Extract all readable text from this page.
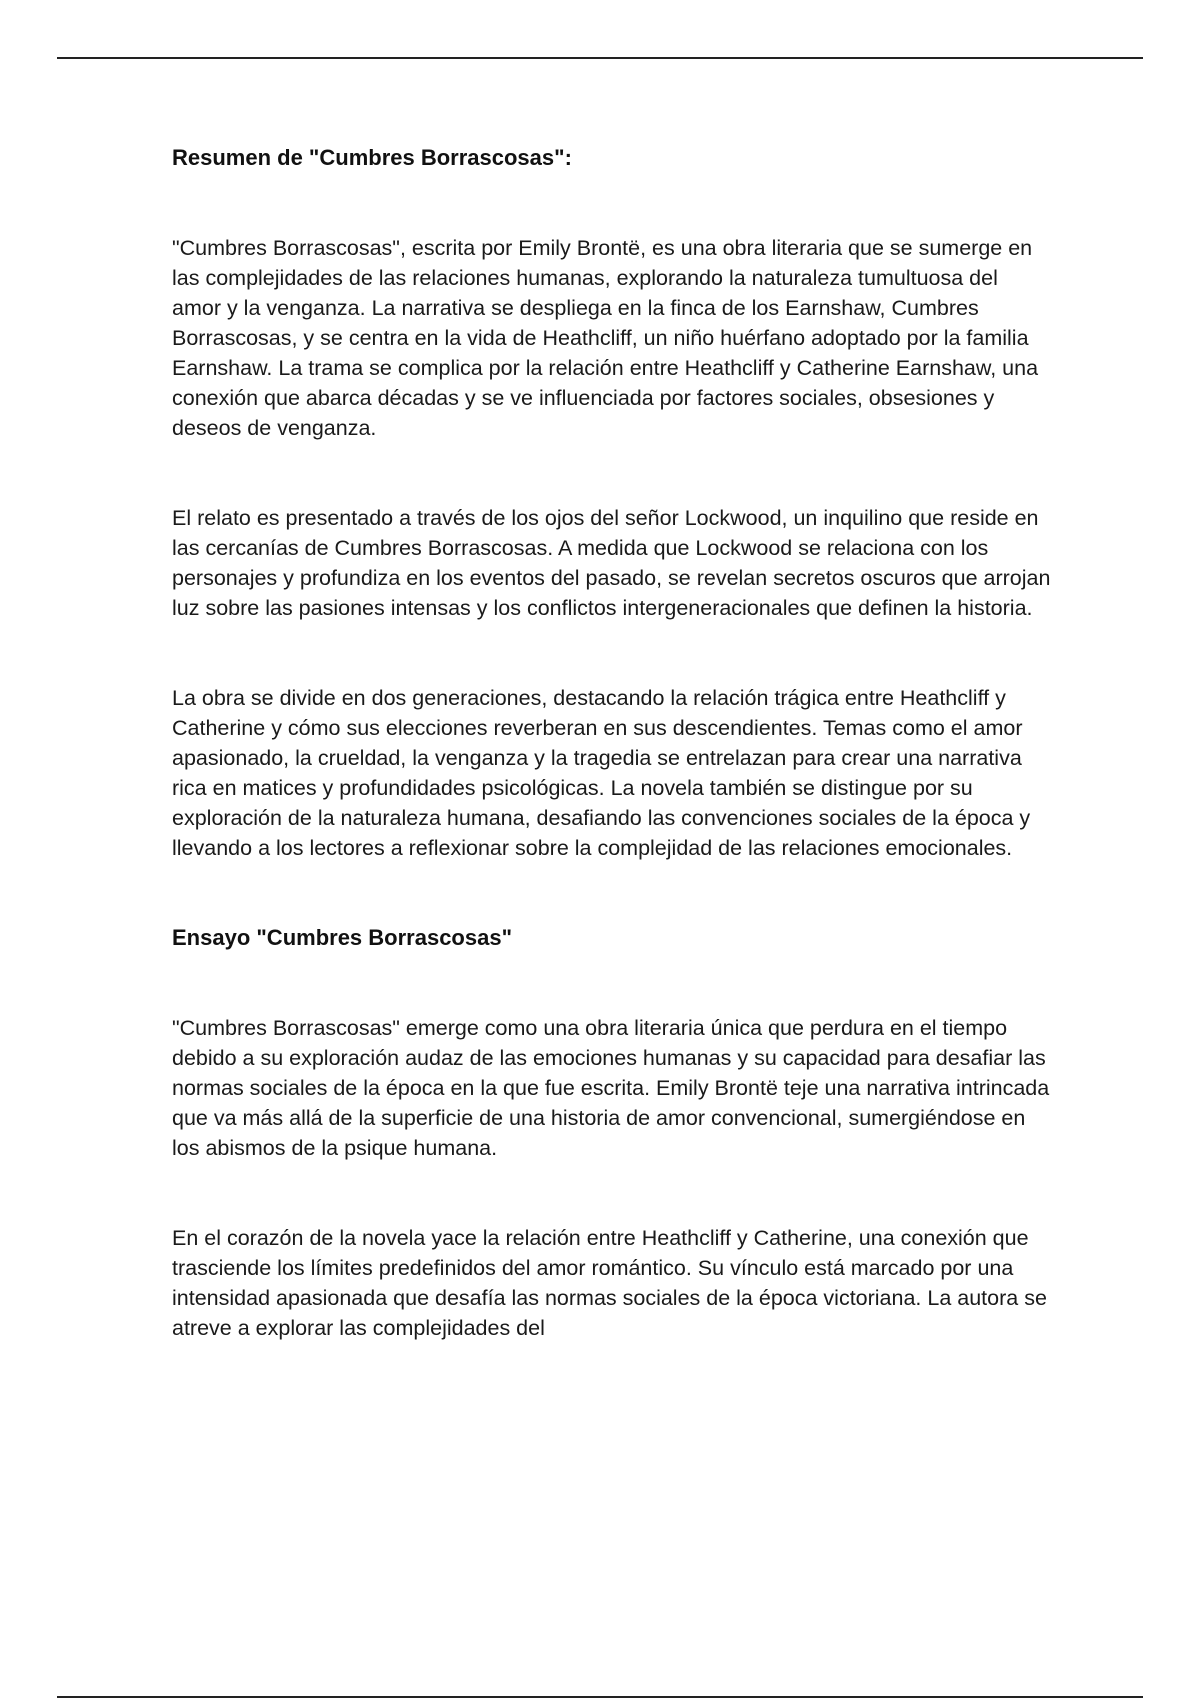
Resumen de "Cumbres Borrascosas":

"Cumbres Borrascosas", escrita por Emily Brontë, es una obra literaria que se sumerge en las complejidades de las relaciones humanas, explorando la naturaleza tumultuosa del amor y la venganza. La narrativa se despliega en la finca de los Earnshaw, Cumbres Borrascosas, y se centra en la vida de Heathcliff, un niño huérfano adoptado por la familia Earnshaw. La trama se complica por la relación entre Heathcliff y Catherine Earnshaw, una conexión que abarca décadas y se ve influenciada por factores sociales, obsesiones y deseos de venganza.

El relato es presentado a través de los ojos del señor Lockwood, un inquilino que reside en las cercanías de Cumbres Borrascosas. A medida que Lockwood se relaciona con los personajes y profundiza en los eventos del pasado, se revelan secretos oscuros que arrojan luz sobre las pasiones intensas y los conflictos intergeneracionales que definen la historia.

La obra se divide en dos generaciones, destacando la relación trágica entre Heathcliff y Catherine y cómo sus elecciones reverberan en sus descendientes. Temas como el amor apasionado, la crueldad, la venganza y la tragedia se entrelazan para crear una narrativa rica en matices y profundidades psicológicas. La novela también se distingue por su exploración de la naturaleza humana, desafiando las convenciones sociales de la época y llevando a los lectores a reflexionar sobre la complejidad de las relaciones emocionales.

Ensayo "Cumbres Borrascosas"

"Cumbres Borrascosas" emerge como una obra literaria única que perdura en el tiempo debido a su exploración audaz de las emociones humanas y su capacidad para desafiar las normas sociales de la época en la que fue escrita. Emily Brontë teje una narrativa intrincada que va más allá de la superficie de una historia de amor convencional, sumergiéndose en los abismos de la psique humana.

En el corazón de la novela yace la relación entre Heathcliff y Catherine, una conexión que trasciende los límites predefinidos del amor romántico. Su vínculo está marcado por una intensidad apasionada que desafía las normas sociales de la época victoriana. La autora se atreve a explorar las complejidades del
